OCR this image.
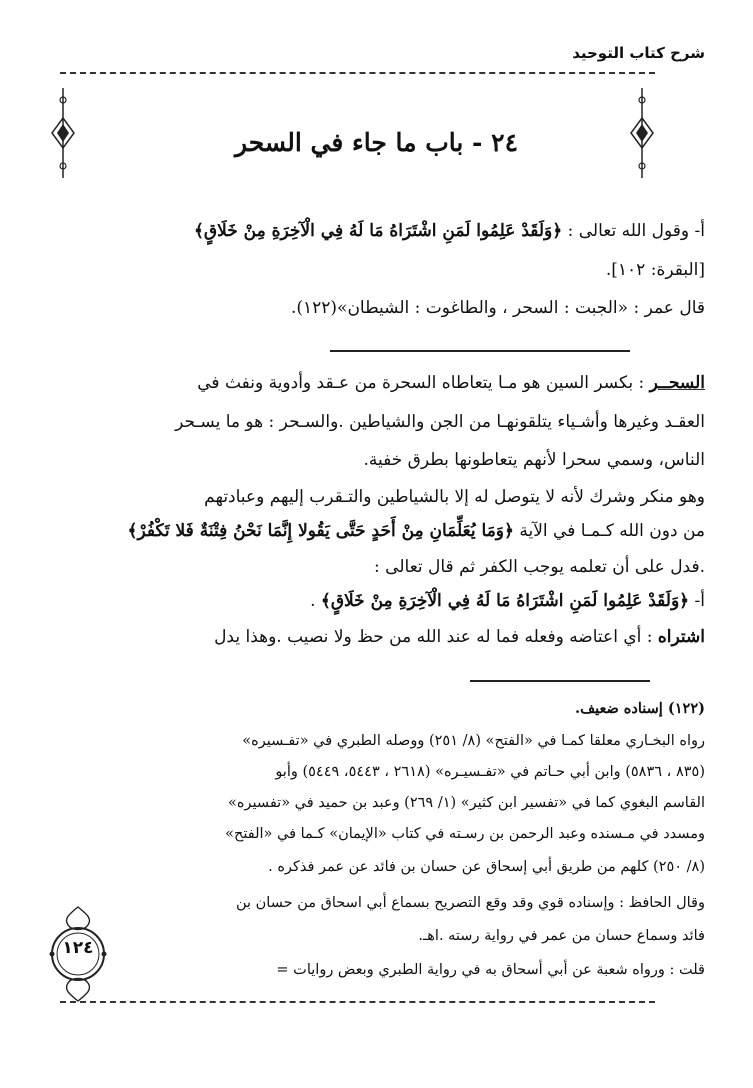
شرح كتاب التوحيد
٢٤ - باب ما جاء في السحر
أ- وقول الله تعالى : ﴿وَلَقَدْ عَلِمُوا لَمَنِ اشْتَرَاهُ مَا لَهُ فِي الْآخِرَةِ مِنْ خَلَاقٍ﴾
[البقرة: ١٠٢].
قال عمر : «الجبت : السحر ، والطاغوت : الشيطان»(١٢٢).
السحــر : بكسر السين هو مـا يتعاطاه السحرة من عـقد وأدوية ونفث في
العقـد وغيرها وأشـياء يتلقونهـا من الجن والشياطين .والسـحر : هو ما يسـحر
الناس، وسمي سحرا لأنهم يتعاطونها بطرق خفية.
وهو منكر وشرك لأنه لا يتوصل له إلا بالشياطين والتـقرب إليهم وعبادتهم
من دون الله كـمـا في الآية ﴿وَمَا يُعَلِّمَانِ مِنْ أَحَدٍ حَتَّى يَقُولا إِنَّمَا نَحْنُ فِتْنَةٌ فَلا تَكْفُرْ﴾
.فدل على أن تعلمه يوجب الكفر ثم قال تعالى :
أ- ﴿وَلَقَدْ عَلِمُوا لَمَنِ اشْتَرَاهُ مَا لَهُ فِي الْآخِرَةِ مِنْ خَلَاقٍ﴾ .
اشتراه : أي اعتاضه وفعله فما له عند الله من حظ ولا نصيب .وهذا يدل
(١٢٢) إسناده ضعيف.
رواه البخـاري معلقا كمـا في «الفتح» (٨/ ٢٥١) ووصله الطبري في «تفـسيره»
(٨٣٥ ، ٥٨٣٦) وابن أبي حـاتم في «تفـسيـره» (٢٦١٨ ، ٥٤٤٣، ٥٤٤٩) وأبو
القاسم البغوي كما في «تفسير ابن كثير» (١/ ٢٦٩) وعبد بن حميد في «تفسيره»
ومسدد في مـسنده وعبد الرحمن بن رسـته في كتاب «الإيمان» كـما في «الفتح»
(٨/ ٢٥٠) كلهم من طريق أبي إسحاق عن حسان بن فائد عن عمر فذكره .
وقال الحافظ : وإسناده قوي وقد وقع التصريح بسماع أبي اسحاق من حسان بن
فائد وسماع حسان من عمر في رواية رسته .اهـ.
قلت : ورواه شعبة عن أبي أسحاق به في رواية الطبري وبعض روايات =
١٢٤
